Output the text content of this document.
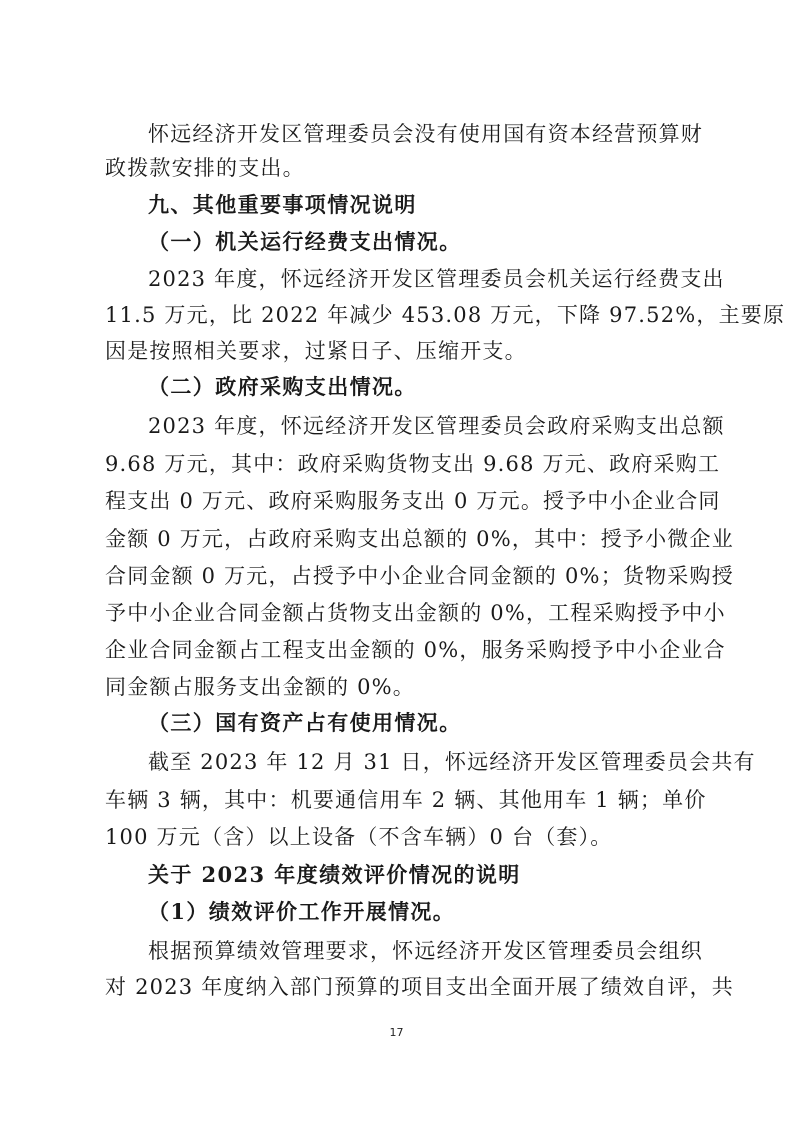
怀远经济开发区管理委员会没有使用国有资本经营预算财
政拨款安排的支出。
九、其他重要事项情况说明
（一）机关运行经费支出情况。
2023 年度，怀远经济开发区管理委员会机关运行经费支出
11.5 万元，比 2022 年减少 453.08 万元，下降 97.52%，主要原
因是按照相关要求，过紧日子、压缩开支。
（二）政府采购支出情况。
2023 年度，怀远经济开发区管理委员会政府采购支出总额
9.68 万元，其中：政府采购货物支出 9.68 万元、政府采购工
程支出 0 万元、政府采购服务支出 0 万元。授予中小企业合同
金额 0 万元，占政府采购支出总额的 0%，其中：授予小微企业
合同金额 0 万元，占授予中小企业合同金额的 0%；货物采购授
予中小企业合同金额占货物支出金额的 0%，工程采购授予中小
企业合同金额占工程支出金额的 0%，服务采购授予中小企业合
同金额占服务支出金额的 0%。
（三）国有资产占有使用情况。
截至 2023 年 12 月 31 日，怀远经济开发区管理委员会共有
车辆 3 辆，其中：机要通信用车 2 辆、其他用车 1 辆；单价
100 万元（含）以上设备（不含车辆）0 台（套）。
关于 2023 年度绩效评价情况的说明
（1）绩效评价工作开展情况。
根据预算绩效管理要求，怀远经济开发区管理委员会组织
对 2023 年度纳入部门预算的项目支出全面开展了绩效自评，共
17
